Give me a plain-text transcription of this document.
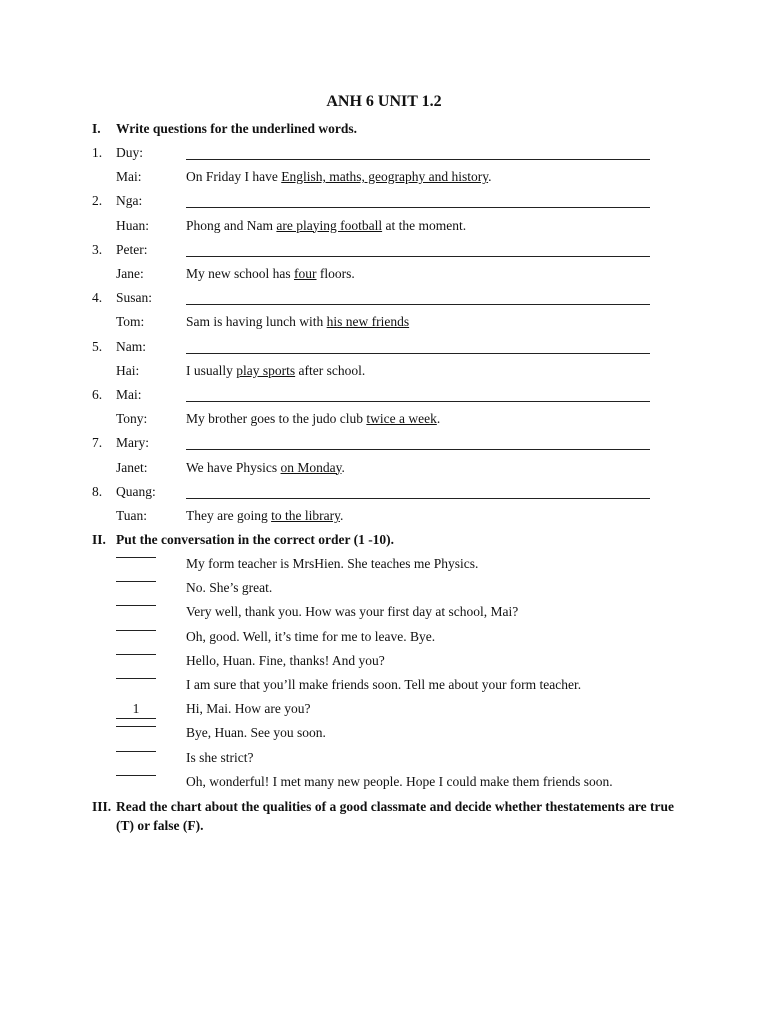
ANH 6 UNIT 1.2
I. Write questions for the underlined words.
1. Duy:
Mai:	On Friday I have English, maths, geography and history.
2. Nga:
Huan:	Phong and Nam are playing football at the moment.
3. Peter:
Jane:	My new school has four floors.
4. Susan:
Tom:	Sam is having lunch with his new friends
5. Nam:
Hai:	I usually play sports after school.
6. Mai:
Tony:	My brother goes to the judo club twice a week.
7. Mary:
Janet:	We have Physics on Monday.
8. Quang:
Tuan:	They are going to the library.
II. Put the conversation in the correct order (1 -10).
My form teacher is MrsHien. She teaches me Physics.
No. She’s great.
Very well, thank you. How was your first day at school, Mai?
Oh, good. Well, it’s time for me to leave. Bye.
Hello, Huan. Fine, thanks! And you?
I am sure that you’ll make friends soon. Tell me about your form teacher.
1	Hi, Mai. How are you?
Bye, Huan. See you soon.
Is she strict?
Oh, wonderful! I met many new people. Hope I could make them friends soon.
III. Read the chart about the qualities of a good classmate and decide whether thestatements are true (T) or false (F).
